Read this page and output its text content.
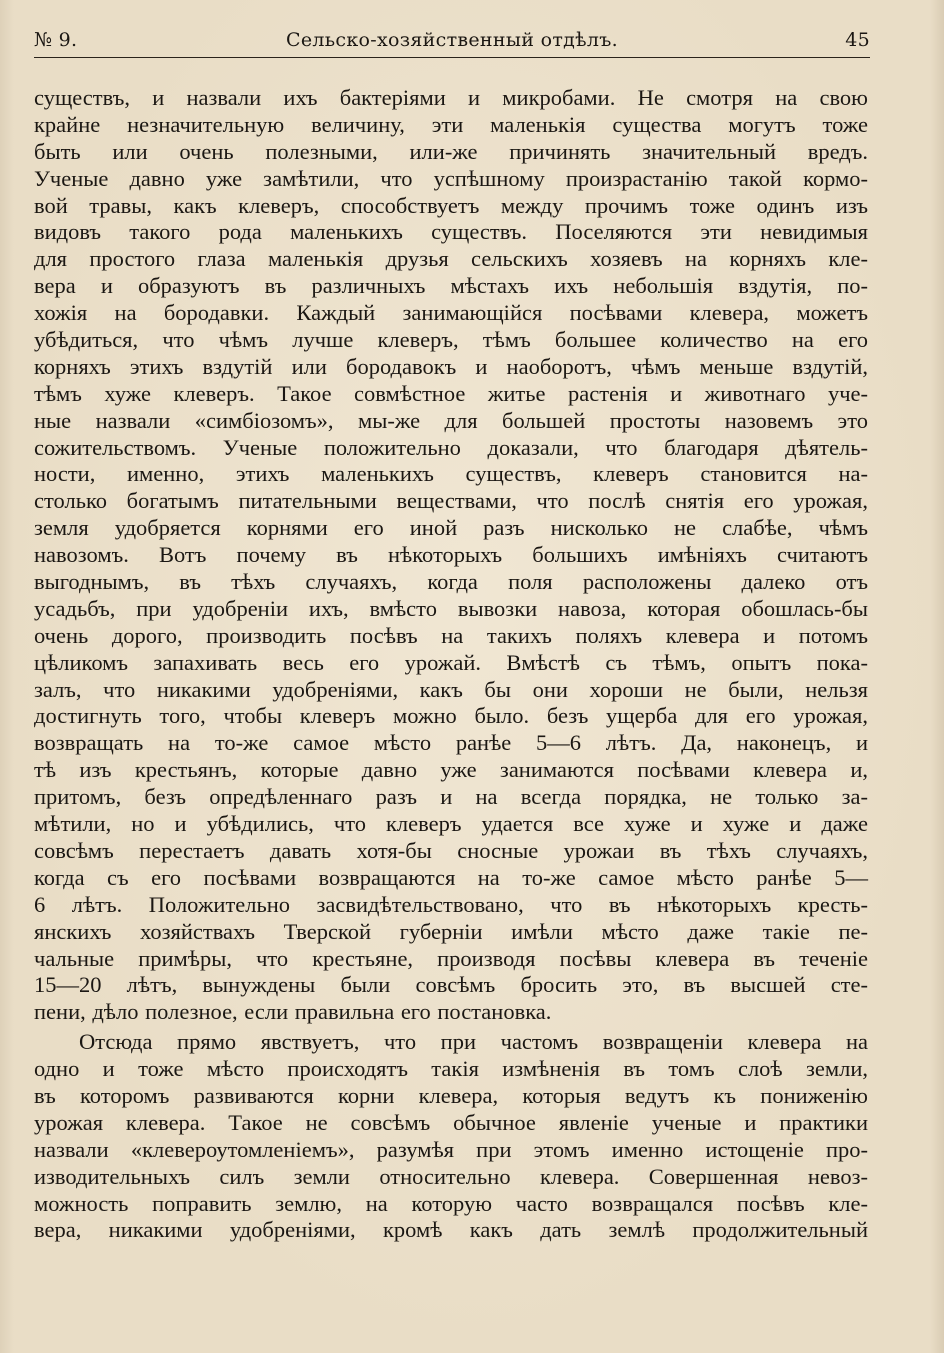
№ 9.	Сельско-хозяйственный отдѣлъ.	45
существъ, и назвали ихъ бактеріями и микробами. Не смотря на свою
крайне незначительную величину, эти маленькія существа могутъ тоже
быть или очень полезными, или-же причинять значительный вредъ.
Ученые давно уже замѣтили, что успѣшному произрастанію такой кормо-
вой травы, какъ клеверъ, способствуетъ между прочимъ тоже одинъ изъ
видовъ такого рода маленькихъ существъ. Поселяются эти невидимыя
для простого глаза маленькія друзья сельскихъ хозяевъ на корняхъ кле-
вера и образуютъ въ различныхъ мѣстахъ ихъ небольшія вздутія, по-
хожія на бородавки. Каждый занимающійся посѣвами клевера, можетъ
убѣдиться, что чѣмъ лучше клеверъ, тѣмъ большее количество на его
корняхъ этихъ вздутій или бородавокъ и наоборотъ, чѣмъ меньше вздутій,
тѣмъ хуже клеверъ. Такое совмѣстное житье растенія и животнаго уче-
ные назвали «симбіозомъ», мы-же для большей простоты назовемъ это
сожительствомъ. Ученые положительно доказали, что благодаря дѣятель-
ности, именно, этихъ маленькихъ существъ, клеверъ становится на-
столько богатымъ питательными веществами, что послѣ снятія его урожая,
земля удобряется корнями его иной разъ нисколько не слабѣе, чѣмъ
навозомъ. Вотъ почему въ нѣкоторыхъ большихъ имѣніяхъ считаютъ
выгоднымъ, въ тѣхъ случаяхъ, когда поля расположены далеко отъ
усадьбъ, при удобреніи ихъ, вмѣсто вывозки навоза, которая обошлась-бы
очень дорого, производить посѣвъ на такихъ поляхъ клевера и потомъ
цѣликомъ запахивать весь его урожай. Вмѣстѣ съ тѣмъ, опытъ пока-
залъ, что никакими удобреніями, какъ бы они хороши не были, нельзя
достигнуть того, чтобы клеверъ можно было. безъ ущерба для его урожая,
возвращать на то-же самое мѣсто ранѣе 5—6 лѣтъ. Да, наконецъ, и
тѣ изъ крестьянъ, которые давно уже занимаются посѣвами клевера и,
притомъ, безъ опредѣленнаго разъ и на всегда порядка, не только за-
мѣтили, но и убѣдились, что клеверъ удается все хуже и хуже и даже
совсѣмъ перестаетъ давать хотя-бы сносные урожаи въ тѣхъ случаяхъ,
когда съ его посѣвами возвращаются на то-же самое мѣсто ранѣе 5—
6 лѣтъ. Положительно засвидѣтельствовано, что въ нѣкоторыхъ кресть-
янскихъ хозяйствахъ Тверской губерніи имѣли мѣсто даже такіе пе-
чальные примѣры, что крестьяне, производя посѣвы клевера въ теченіе
15—20 лѣтъ, вынуждены были совсѣмъ бросить это, въ высшей сте-
пени, дѣло полезное, если правильна его постановка.
Отсюда прямо явствуетъ, что при частомъ возвращеніи клевера на
одно и тоже мѣсто происходятъ такія измѣненія въ томъ слоѣ земли,
въ которомъ развиваются корни клевера, которыя ведутъ къ пониженію
урожая клевера. Такое не совсѣмъ обычное явленіе ученые и практики
назвали «клевероутомленіемъ», разумѣя при этомъ именно истощеніе про-
изводительныхъ силъ земли относительно клевера. Совершенная невоз-
можность поправить землю, на которую часто возвращался посѣвъ кле-
вера, никакими удобреніями, кромѣ какъ дать землѣ продолжительный
